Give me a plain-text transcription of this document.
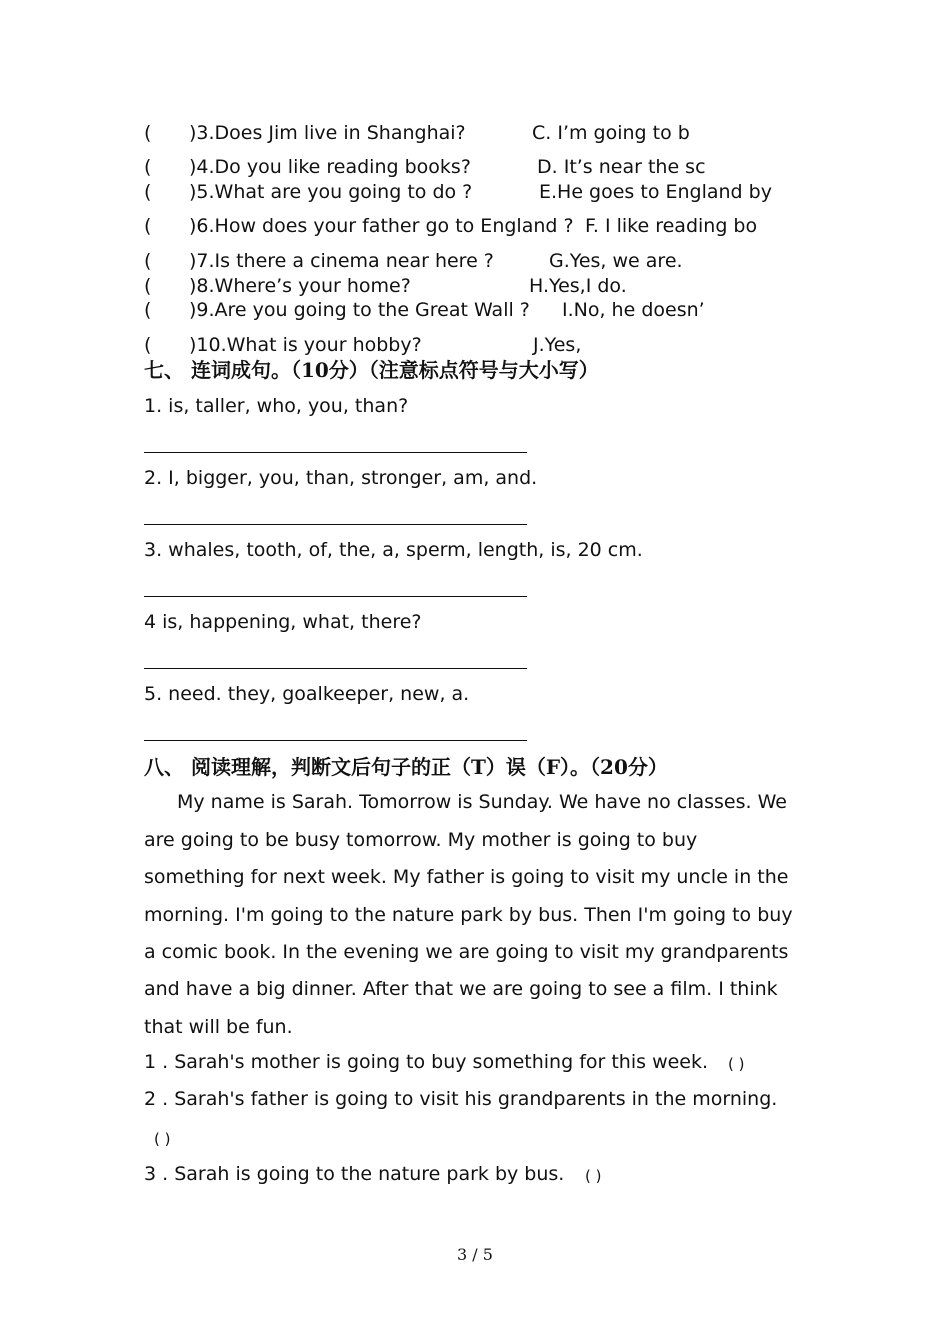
( )3.Does Jim live in Shanghai?	C. I’m going to b
( )4.Do you like reading books?	D. It’s near the sc
( )5.What are you going to do ?	E.He goes to England by
( )6.How does your father go to England ? F. I like reading bo
( )7.Is there a cinema near here ?	G.Yes, we are.
( )8.Where’s your home?	H.Yes,I do.
( )9.Are you going to the Great Wall ? I.No, he doesn’
( )10.What is your hobby?	J.Yes,
七、 连词成句。（10分）（注意标点符号与大小写）
1. is, taller, who, you, than?
2. I, bigger, you, than, stronger, am, and.
3. whales, tooth, of, the, a, sperm, length, is, 20 cm.
4 is, happening, what, there?
5. need. they, goalkeeper, new, a.
八、 阅读理解，判断文后句子的正（T）误（F）。（20分）
My name is Sarah. Tomorrow is Sunday. We have no classes. We
are going to be busy tomorrow. My mother is going to buy
something for next week. My father is going to visit my uncle in the
morning. I'm going to the nature park by bus. Then I'm going to buy
a comic book. In the evening we are going to visit my grandparents
and have a big dinner. After that we are going to see a film. I think
that will be fun.
1 . Sarah's mother is going to buy something for this week. ( )
2 . Sarah's father is going to visit his grandparents in the morning.
( )
3 . Sarah is going to the nature park by bus. ( )
3 / 5
